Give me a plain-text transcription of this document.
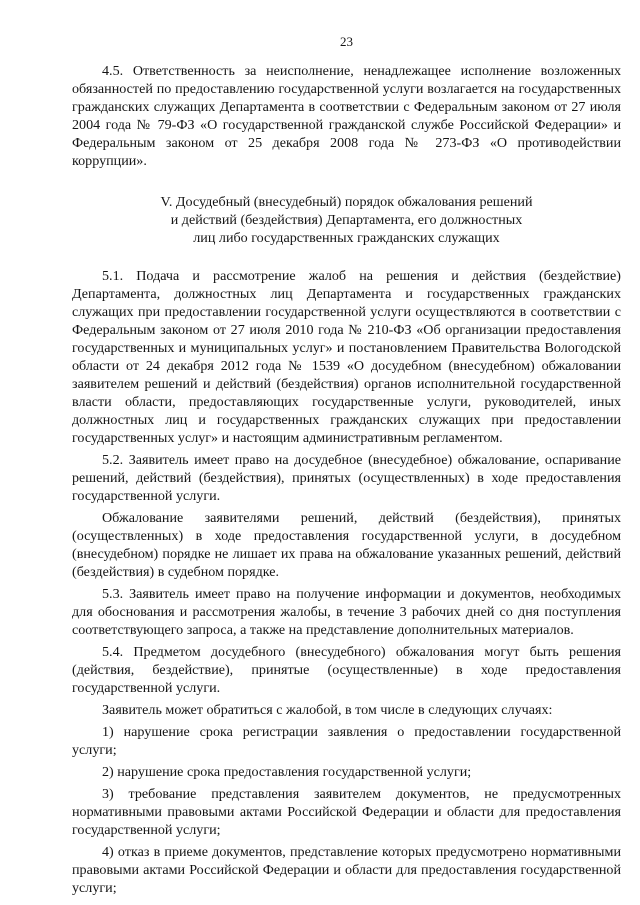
23

4.5. Ответственность за неисполнение, ненадлежащее исполнение возложенных обязанностей по предоставлению государственной услуги возлагается на государственных гражданских служащих Департамента в соответствии с Федеральным законом от 27 июля 2004 года № 79-ФЗ «О государственной гражданской службе Российской Федерации» и Федеральным законом от 25 декабря 2008 года № 273-ФЗ «О противодействии коррупции».

V. Досудебный (внесудебный) порядок обжалования решений
и действий (бездействия) Департамента, его должностных
лиц либо государственных гражданских служащих

5.1. Подача и рассмотрение жалоб на решения и действия (бездействие) Департамента, должностных лиц Департамента и государственных гражданских служащих при предоставлении государственной услуги осуществляются в соответствии с Федеральным законом от 27 июля 2010 года № 210-ФЗ «Об организации предоставления государственных и муниципальных услуг» и постановлением Правительства Вологодской области от 24 декабря 2012 года № 1539 «О досудебном (внесудебном) обжаловании заявителем решений и действий (бездействия) органов исполнительной государственной власти области, предоставляющих государственные услуги, руководителей, иных должностных лиц и государственных гражданских служащих при предоставлении государственных услуг» и настоящим административным регламентом.

5.2. Заявитель имеет право на досудебное (внесудебное) обжалование, оспаривание решений, действий (бездействия), принятых (осуществленных) в ходе предоставления государственной услуги.

Обжалование заявителями решений, действий (бездействия), принятых (осуществленных) в ходе предоставления государственной услуги, в досудебном (внесудебном) порядке не лишает их права на обжалование указанных решений, действий (бездействия) в судебном порядке.

5.3. Заявитель имеет право на получение информации и документов, необходимых для обоснования и рассмотрения жалобы, в течение 3 рабочих дней со дня поступления соответствующего запроса, а также на представление дополнительных материалов.

5.4. Предметом досудебного (внесудебного) обжалования могут быть решения (действия, бездействие), принятые (осуществленные) в ходе предоставления государственной услуги.

Заявитель может обратиться с жалобой, в том числе в следующих случаях:

1) нарушение срока регистрации заявления о предоставлении государственной услуги;

2) нарушение срока предоставления государственной услуги;

3) требование представления заявителем документов, не предусмотренных нормативными правовыми актами Российской Федерации и области для предоставления государственной услуги;

4) отказ в приеме документов, представление которых предусмотрено нормативными правовыми актами Российской Федерации и области для предоставления государственной услуги;
